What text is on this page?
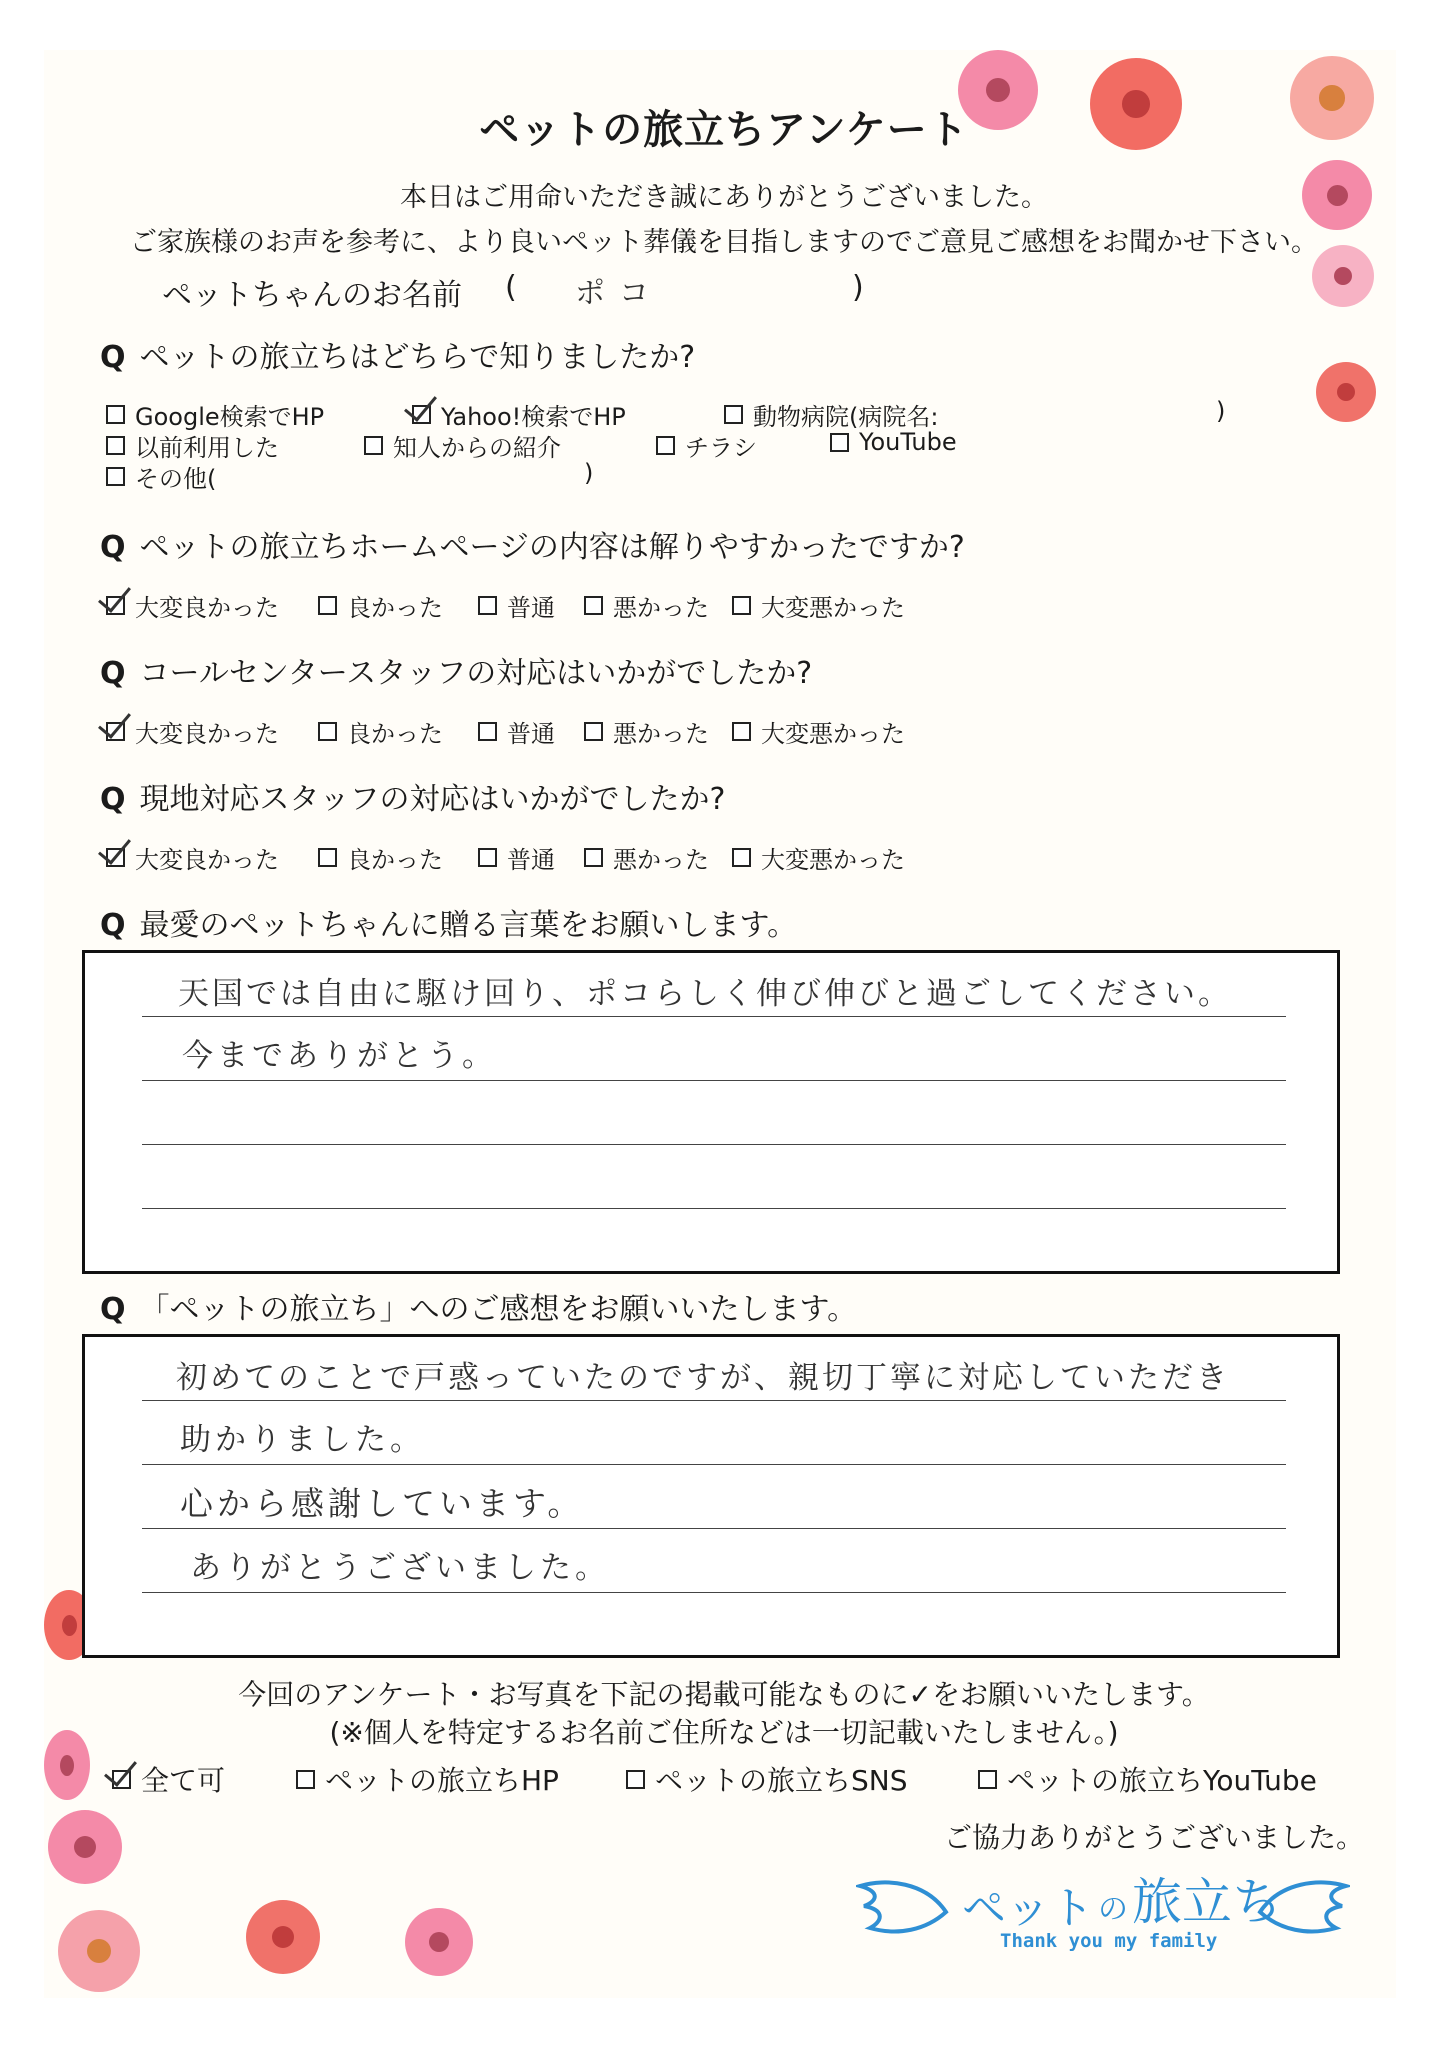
ペットの旅立ちアンケート
本日はご用命いただき誠にありがとうございました。
ご家族様のお声を参考に、より良いペット葬儀を目指しますのでご意見ご感想をお聞かせ下さい。
ペットちゃんのお名前 ( ポコ	)
Q ペットの旅立ちはどちらで知りましたか?
Google検索でHP	Yahoo!検索でHP	動物病院(病院名:	)
以前利用した	知人からの紹介	チラシ	YouTube
その他(	)
Q ペットの旅立ちホームページの内容は解りやすかったですか?
Q コールセンタースタッフの対応はいかがでしたか?
Q 現地対応スタッフの対応はいかがでしたか?
Q 最愛のペットちゃんに贈る言葉をお願いします。
天国では自由に駆け回り、ポコらしく伸び伸びと過ごしてください。
今までありがとう。
Q 「ペットの旅立ち」へのご感想をお願いいたします。
初めてのことで戸惑っていたのですが、親切丁寧に対応していただき
助かりました。
心から感謝しています。
ありがとうございました。
今回のアンケート・お写真を下記の掲載可能なものに✓をお願いいたします。
(※個人を特定するお名前ご住所などは一切記載いたしません。)
全て可	ペットの旅立ちHP	ペットの旅立ちSNS	ペットの旅立ちYouTube
ご協力ありがとうございました。
ペット の 旅立ち
Thank you my family
大変良かった	良かった	普通 悪かった 大変悪かった
大変良かった	良かった	普通 悪かった 大変悪かった
大変良かった	良かった	普通 悪かった 大変悪かった
